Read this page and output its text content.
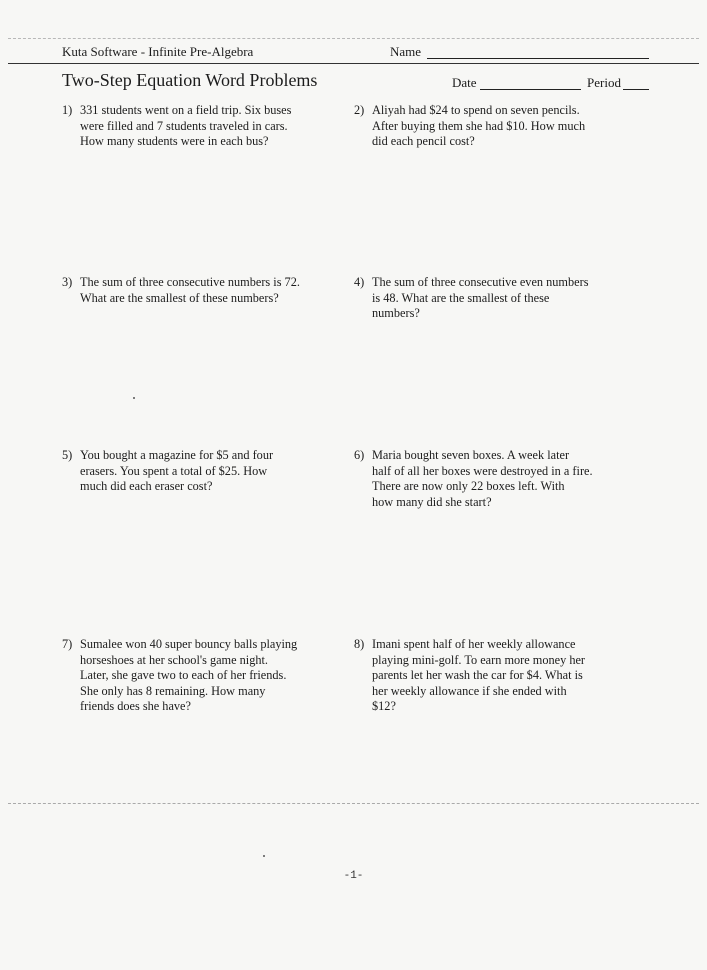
Kuta Software - Infinite Pre-Algebra	Name
Two-Step Equation Word Problems	Date	Period
1) 331 students went on a field trip. Six buses
were filled and 7 students traveled in cars.
How many students were in each bus?
2) Aliyah had $24 to spend on seven pencils.
After buying them she had $10. How much
did each pencil cost?
3) The sum of three consecutive numbers is 72.
What are the smallest of these numbers?
4) The sum of three consecutive even numbers
is 48. What are the smallest of these
numbers?
5) You bought a magazine for $5 and four
erasers. You spent a total of $25. How
much did each eraser cost?
6) Maria bought seven boxes. A week later
half of all her boxes were destroyed in a fire.
There are now only 22 boxes left. With
how many did she start?
7) Sumalee won 40 super bouncy balls playing
horseshoes at her school's game night.
Later, she gave two to each of her friends.
She only has 8 remaining. How many
friends does she have?
8) Imani spent half of her weekly allowance
playing mini-golf. To earn more money her
parents let her wash the car for $4. What is
her weekly allowance if she ended with
$12?
-1-
